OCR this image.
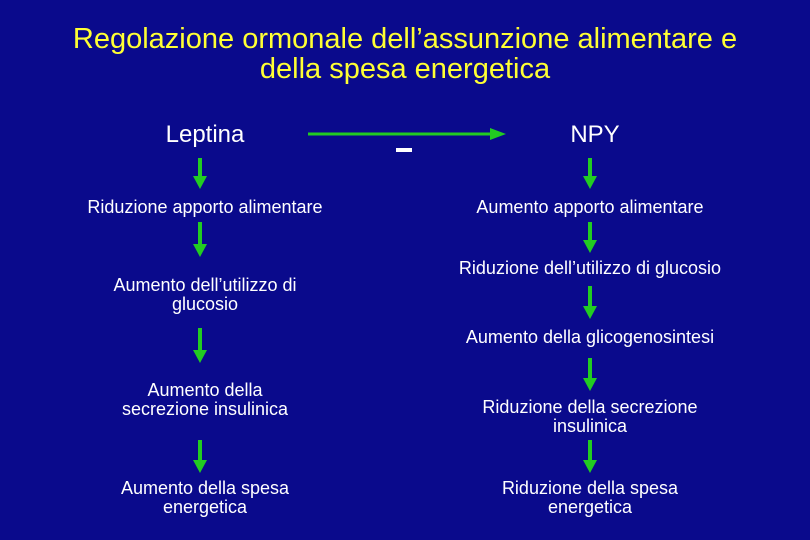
Regolazione ormonale dell’assunzione alimentare e
della spesa energetica
Leptina	NPY
Riduzione apporto alimentare
Aumento dell’utilizzo di
glucosio
Aumento della
secrezione insulinica
Aumento della spesa
energetica
Aumento apporto alimentare
Riduzione dell’utilizzo di glucosio
Aumento della glicogenosintesi
Riduzione della secrezione
insulinica
Riduzione della spesa
energetica
